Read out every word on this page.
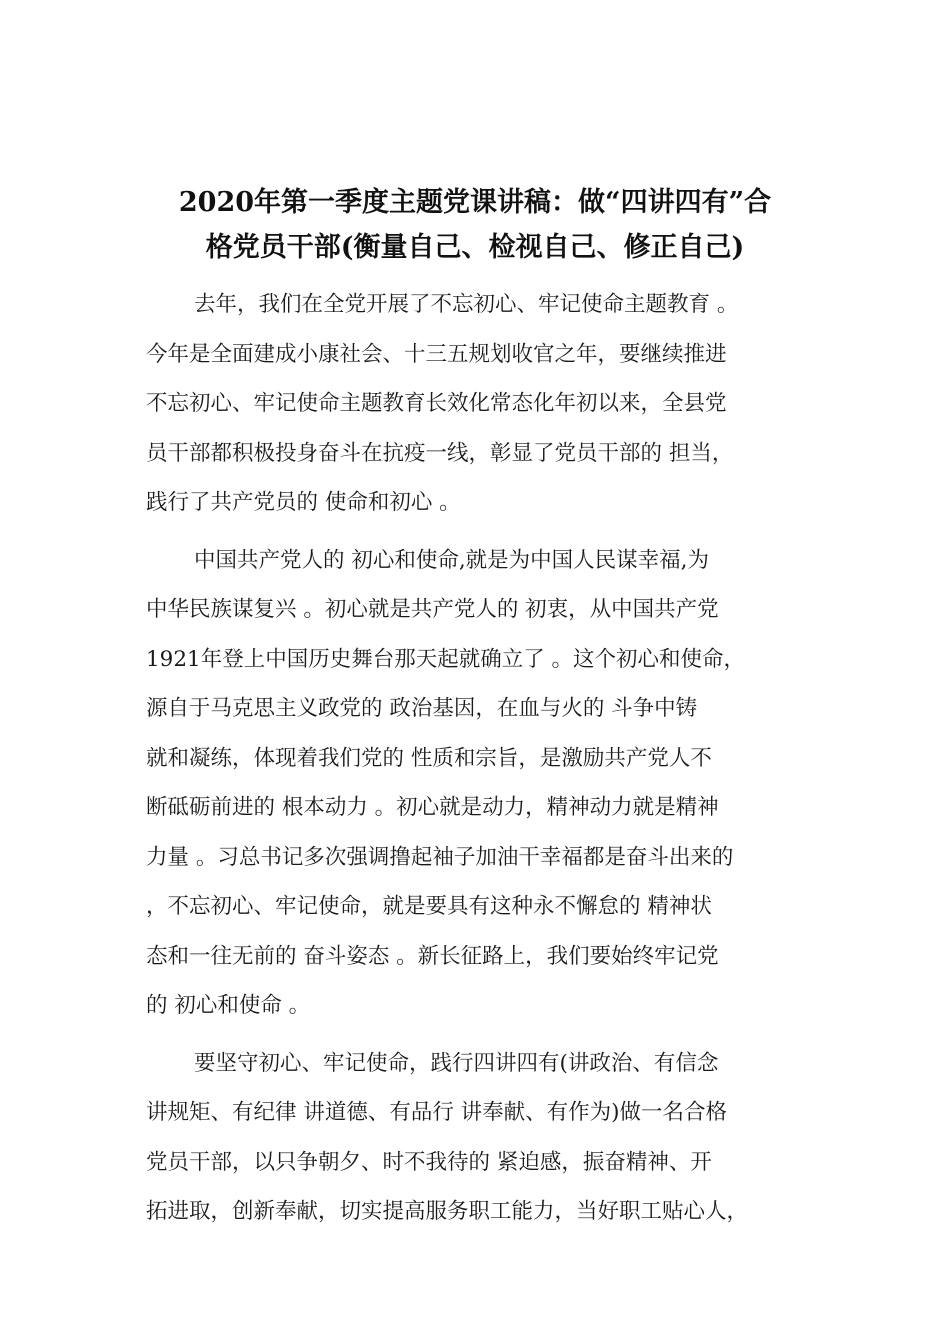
2020年第一季度主题党课讲稿：做“四讲四有”合
格党员干部(衡量自己、检视自己、修正自己)

去年，我们在全党开展了不忘初心、牢记使命主题教育 。
今年是全面建成小康社会、十三五规划收官之年，要继续推进
不忘初心、牢记使命主题教育长效化常态化年初以来，全县党
员干部都积极投身奋斗在抗疫一线，彰显了党员干部的 担当，
践行了共产党员的 使命和初心 。

中国共产党人的 初心和使命,就是为中国人民谋幸福,为
中华民族谋复兴 。初心就是共产党人的 初衷，从中国共产党
1921年登上中国历史舞台那天起就确立了 。这个初心和使命，
源自于马克思主义政党的 政治基因，在血与火的 斗争中铸
就和凝练，体现着我们党的 性质和宗旨，是激励共产党人不
断砥砺前进的 根本动力 。初心就是动力，精神动力就是精神
力量 。习总书记多次强调撸起袖子加油干幸福都是奋斗出来的
，不忘初心、牢记使命，就是要具有这种永不懈怠的 精神状
态和一往无前的 奋斗姿态 。新长征路上，我们要始终牢记党
的 初心和使命 。

要坚守初心、牢记使命，践行四讲四有(讲政治、有信念
讲规矩、有纪律 讲道德、有品行 讲奉献、有作为)做一名合格
党员干部，以只争朝夕、时不我待的 紧迫感，振奋精神、开
拓进取，创新奉献，切实提高服务职工能力，当好职工贴心人，
